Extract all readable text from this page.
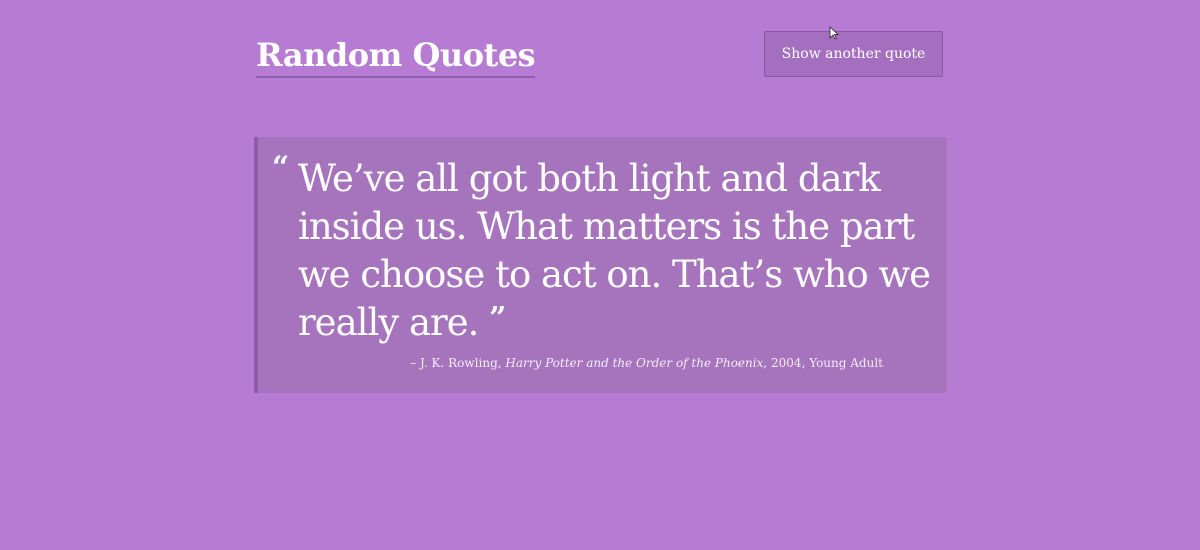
Random Quotes	Show another quote
“ We’ve all got both light and dark inside us. What matters is the part we choose to act on. That’s who we really are. ”

– J. K. Rowling, Harry Potter and the Order of the Phoenix, 2004, Young Adult
